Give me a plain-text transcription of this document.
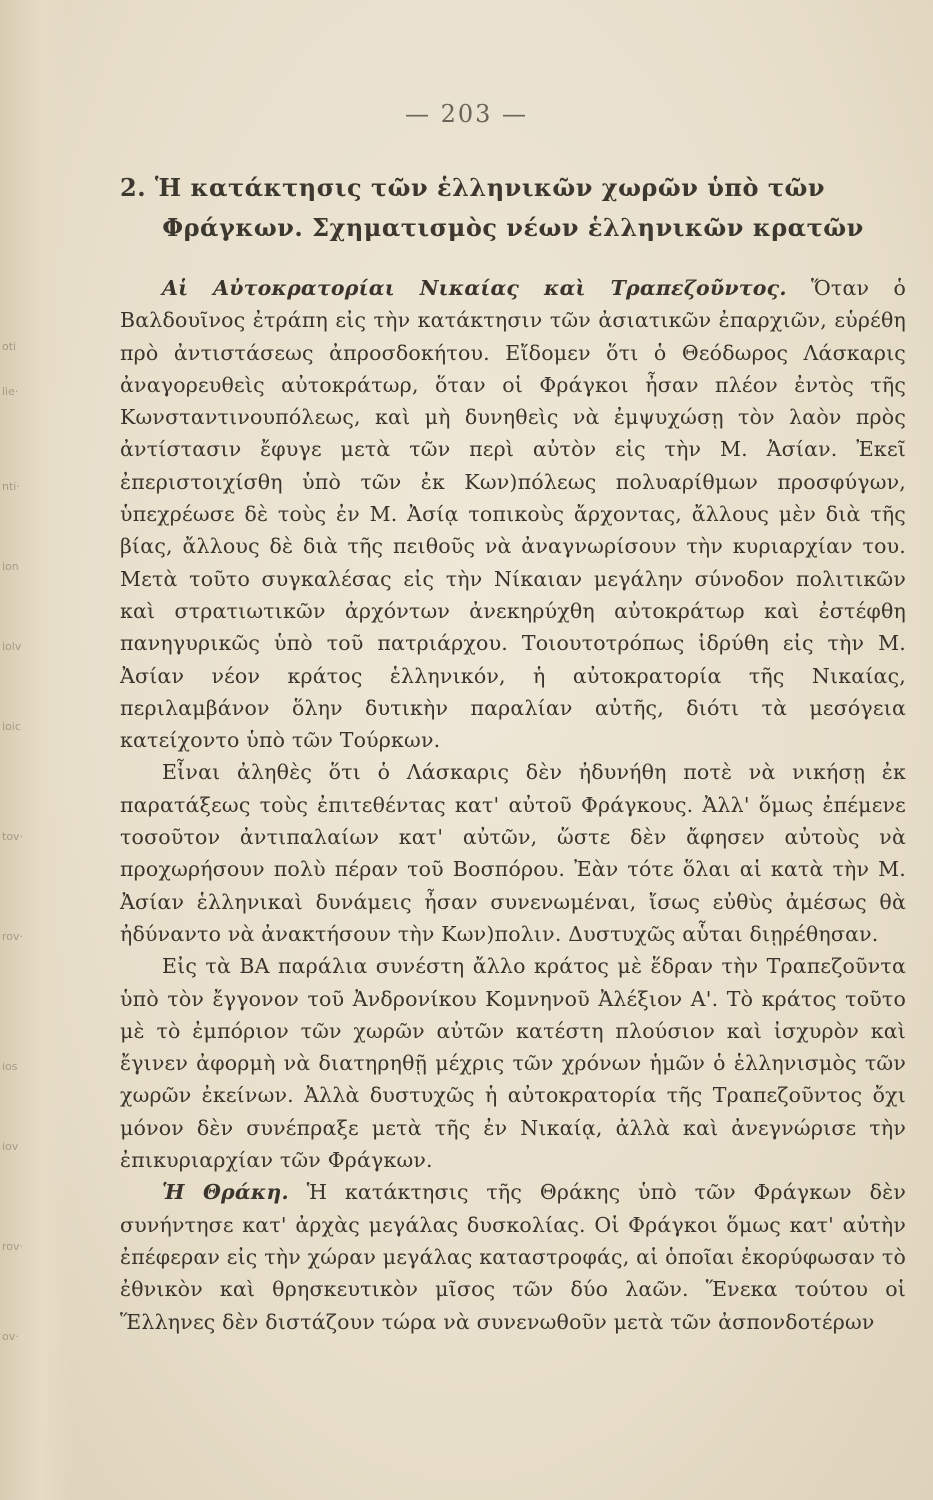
oti
lie·
nti·
ion
iolv
ioic
tov·
rov·
ios
iov
rov·
ov·
— 203 —
2. Ἡ κατάκτησις τῶν ἑλληνικῶν χωρῶν ὑπὸ τῶν
Φράγκων. Σχηματισμὸς νέων ἑλληνικῶν κρατῶν

Αἱ Αὐτοκρατορίαι Νικαίας καὶ Τραπεζοῦντος. Ὅταν ὁ Βαλδουῖνος ἐτράπη εἰς τὴν κατάκτησιν τῶν ἀσιατικῶν ἐπαρχιῶν, εὑρέθη πρὸ ἀντιστάσεως ἀπροσδοκήτου. Εἴδομεν ὅτι ὁ Θεόδωρος Λάσκαρις ἀναγορευθεὶς αὐτοκράτωρ, ὅταν οἱ Φράγκοι ἦσαν πλέον ἐντὸς τῆς Κωνσταντινουπόλεως, καὶ μὴ δυνηθεὶς νὰ ἐμψυχώσῃ τὸν λαὸν πρὸς ἀντίστασιν ἔφυγε μετὰ τῶν περὶ αὐτὸν εἰς τὴν Μ. Ἀσίαν. Ἐκεῖ ἐπεριστοιχίσθη ὑπὸ τῶν ἐκ Κων)πόλεως πολυαρίθμων προσφύγων, ὑπεχρέωσε δὲ τοὺς ἐν Μ. Ἀσίᾳ τοπικοὺς ἄρχοντας, ἄλλους μὲν διὰ τῆς βίας, ἄλλους δὲ διὰ τῆς πειθοῦς νὰ ἀναγνωρίσουν τὴν κυριαρχίαν του. Μετὰ τοῦτο συγκαλέσας εἰς τὴν Νίκαιαν μεγάλην σύνοδον πολιτικῶν καὶ στρατιωτικῶν ἀρχόντων ἀνεκηρύχθη αὐτοκράτωρ καὶ ἐστέφθη πανηγυρικῶς ὑπὸ τοῦ πατριάρχου. Τοιουτοτρόπως ἱδρύθη εἰς τὴν Μ. Ἀσίαν νέον κράτος ἑλληνικόν, ἡ αὐτοκρατορία τῆς Νικαίας, περιλαμβάνον ὅλην δυτικὴν παραλίαν αὐτῆς, διότι τὰ μεσόγεια κατείχοντο ὑπὸ τῶν Τούρκων.

Εἶναι ἀληθὲς ὅτι ὁ Λάσκαρις δὲν ἠδυνήθη ποτὲ νὰ νικήσῃ ἐκ παρατάξεως τοὺς ἐπιτεθέντας κατ' αὐτοῦ Φράγκους. Ἀλλ' ὅμως ἐπέμενε τοσοῦτον ἀντιπαλαίων κατ' αὐτῶν, ὥστε δὲν ἄφησεν αὐτοὺς νὰ προχωρήσουν πολὺ πέραν τοῦ Βοσπόρου. Ἐὰν τότε ὅλαι αἱ κατὰ τὴν Μ. Ἀσίαν ἑλληνικαὶ δυνάμεις ἦσαν συνενωμέναι, ἴσως εὐθὺς ἀμέσως θὰ ἠδύναντο νὰ ἀνακτήσουν τὴν Κων)πολιν. Δυστυχῶς αὗται διῃρέθησαν.

Εἰς τὰ ΒΑ παράλια συνέστη ἄλλο κράτος μὲ ἕδραν τὴν Τραπεζοῦντα ὑπὸ τὸν ἔγγονον τοῦ Ἀνδρονίκου Κομνηνοῦ Ἀλέξιον Α'. Τὸ κράτος τοῦτο μὲ τὸ ἐμπόριον τῶν χωρῶν αὐτῶν κατέστη πλούσιον καὶ ἰσχυρὸν καὶ ἔγινεν ἀφορμὴ νὰ διατηρηθῇ μέχρις τῶν χρόνων ἡμῶν ὁ ἑλληνισμὸς τῶν χωρῶν ἐκείνων. Ἀλλὰ δυστυχῶς ἡ αὐτοκρατορία τῆς Τραπεζοῦντος ὄχι μόνον δὲν συνέπραξε μετὰ τῆς ἐν Νικαίᾳ, ἀλλὰ καὶ ἀνεγνώρισε τὴν ἐπικυριαρχίαν τῶν Φράγκων.

Ἡ Θράκη. Ἡ κατάκτησις τῆς Θράκης ὑπὸ τῶν Φράγκων δὲν συνήντησε κατ' ἀρχὰς μεγάλας δυσκολίας. Οἱ Φράγκοι ὅμως κατ' αὐτὴν ἐπέφεραν εἰς τὴν χώραν μεγάλας καταστροφάς, αἱ ὁποῖαι ἐκορύφωσαν τὸ ἐθνικὸν καὶ θρησκευτικὸν μῖσος τῶν δύο λαῶν. Ἕνεκα τούτου οἱ Ἕλληνες δὲν διστάζουν τώρα νὰ συνενωθοῦν μετὰ τῶν ἀσπονδοτέρων
